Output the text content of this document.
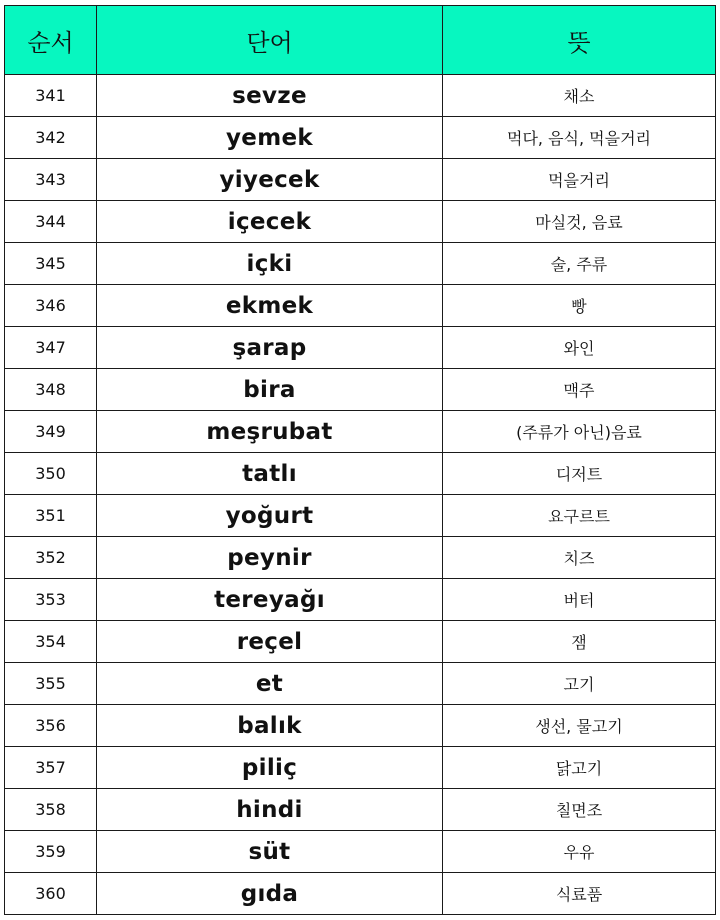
순서	단어	뜻
341	sevze	채소
342	yemek	먹다, 음식, 먹을거리
343	yiyecek	먹을거리
344	içecek	마실것, 음료
345	içki	술, 주류
346	ekmek	빵
347	şarap	와인
348	bira	맥주
349	meşrubat	(주류가 아닌)음료
350	tatlı	디저트
351	yoğurt	요구르트
352	peynir	치즈
353	tereyağı	버터
354	reçel	잼
355	et	고기
356	balık	생선, 물고기
357	piliç	닭고기
358	hindi	칠면조
359	süt	우유
360	gıda	식료품
